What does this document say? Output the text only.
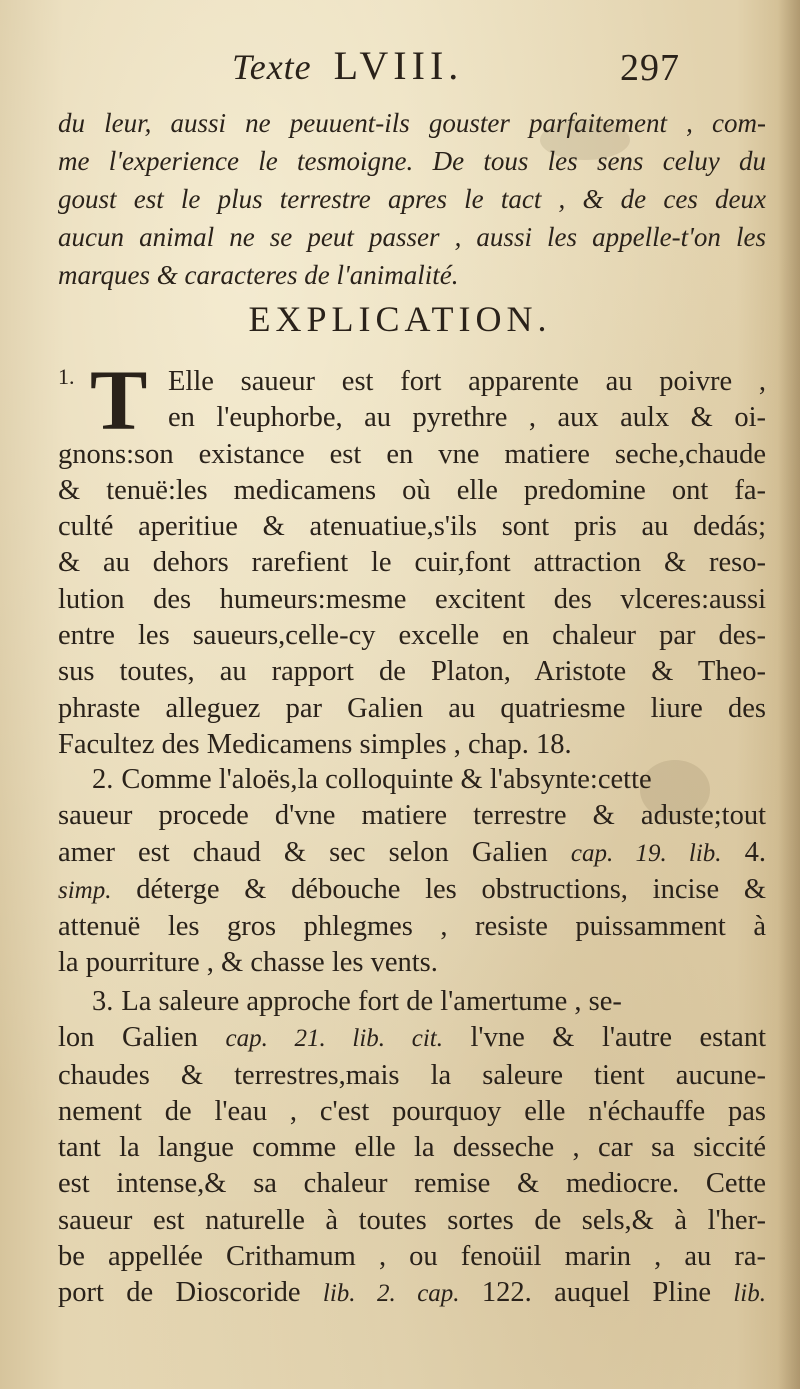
Texte LVIII.	297
du leur, aussi ne peuuent-ils gouster parfaitement , com-
me l'experience le tesmoigne. De tous les sens celuy du
goust est le plus terrestre apres le tact , & de ces deux
aucun animal ne se peut passer , aussi les appelle-t'on les
marques & caracteres de l'animalité.
EXPLICATION.
1. T Elle saueur est fort apparente au poivre ,
en l'euphorbe, au pyrethre , aux aulx & oi-
gnons:son existance est en vne matiere seche,chaude
& tenuë:les medicamens où elle predomine ont fa-
culté aperitiue & atenuatiue,s'ils sont pris au dedás;
& au dehors rarefient le cuir,font attraction & reso-
lution des humeurs:mesme excitent des vlceres:aussi
entre les saueurs,celle-cy excelle en chaleur par des-
sus toutes, au rapport de Platon, Aristote & Theo-
phraste alleguez par Galien au quatriesme liure des
Facultez des Medicamens simples , chap. 18.
2. Comme l'aloës,la colloquinte & l'absynte:cette
saueur procede d'vne matiere terrestre & aduste;tout
amer est chaud & sec selon Galien cap. 19. lib. 4.
simp. déterge & débouche les obstructions, incise &
attenuë les gros phlegmes , resiste puissamment à
la pourriture , & chasse les vents.
3. La saleure approche fort de l'amertume , se-
lon Galien cap. 21. lib. cit. l'vne & l'autre estant
chaudes & terrestres,mais la saleure tient aucune-
nement de l'eau , c'est pourquoy elle n'échauffe pas
tant la langue comme elle la desseche , car sa siccité
est intense,& sa chaleur remise & mediocre. Cette
saueur est naturelle à toutes sortes de sels,& à l'her-
be appellée Crithamum , ou fenoüil marin , au ra-
port de Dioscoride lib. 2. cap. 122. auquel Pline lib.
